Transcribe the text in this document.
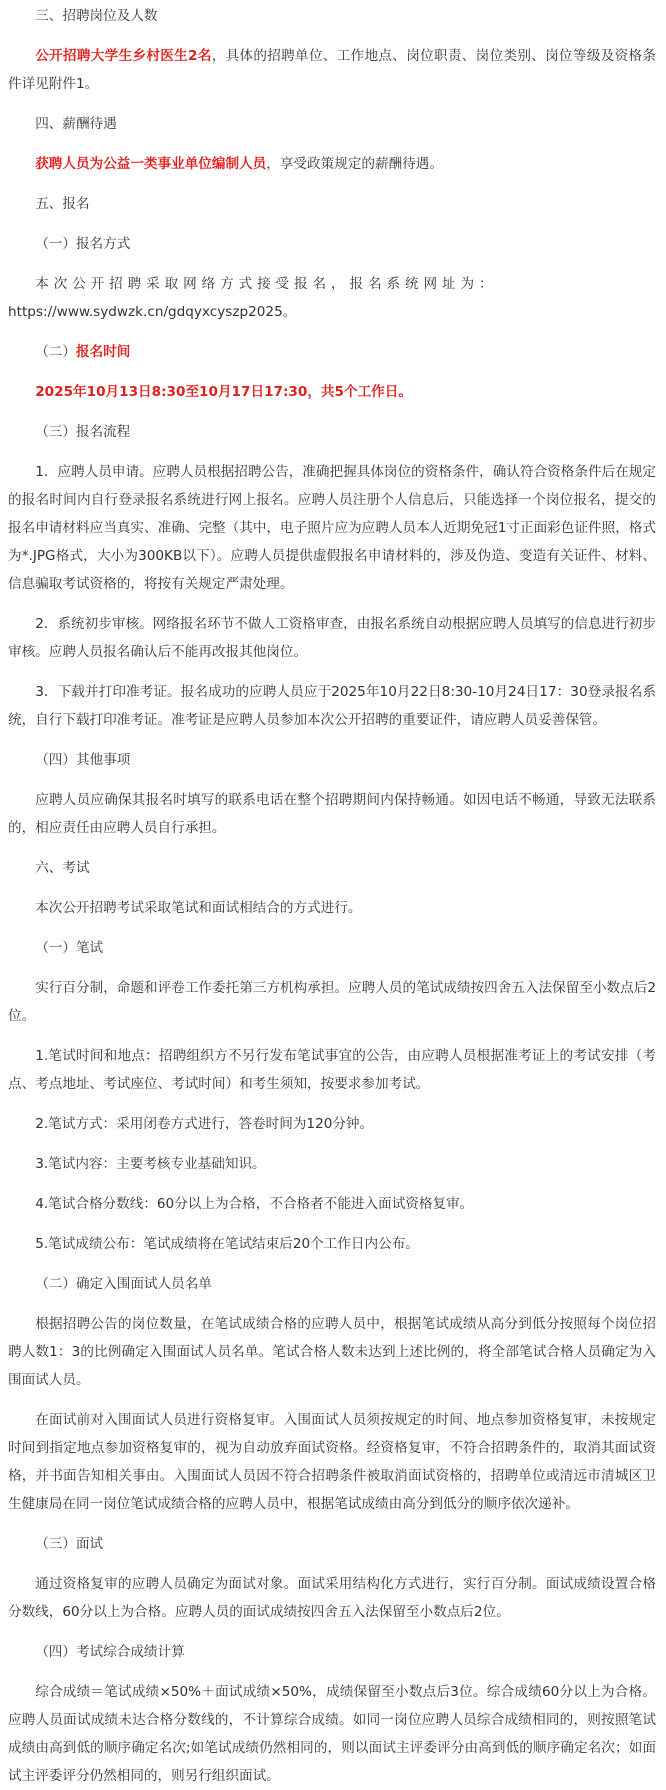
三、招聘岗位及人数

公开招聘大学生乡村医生2名，具体的招聘单位、工作地点、岗位职责、岗位类别、岗位等级及资格条件详见附件1。

四、薪酬待遇

获聘人员为公益一类事业单位编制人员，享受政策规定的薪酬待遇。

五、报名

（一）报名方式

本次公开招聘采取网络方式接受报名，报名系统网址为：

https://www.sydwzk.cn/gdqyxcyszp2025。

（二）报名时间

2025年10月13日8:30至10月17日17:30，共5个工作日。

（三）报名流程

1．应聘人员申请。应聘人员根据招聘公告，准确把握具体岗位的资格条件，确认符合资格条件后在规定的报名时间内自行登录报名系统进行网上报名。应聘人员注册个人信息后，只能选择一个岗位报名，提交的报名申请材料应当真实、准确、完整（其中，电子照片应为应聘人员本人近期免冠1寸正面彩色证件照，格式为*.JPG格式，大小为300KB以下）。应聘人员提供虚假报名申请材料的，涉及伪造、变造有关证件、材料、信息骗取考试资格的，将按有关规定严肃处理。

2．系统初步审核。网络报名环节不做人工资格审查，由报名系统自动根据应聘人员填写的信息进行初步审核。应聘人员报名确认后不能再改报其他岗位。

3．下载并打印准考证。报名成功的应聘人员应于2025年10月22日8:30-10月24日17：30登录报名系统，自行下载打印准考证。准考证是应聘人员参加本次公开招聘的重要证件，请应聘人员妥善保管。

（四）其他事项

应聘人员应确保其报名时填写的联系电话在整个招聘期间内保持畅通。如因电话不畅通，导致无法联系的，相应责任由应聘人员自行承担。

六、考试

本次公开招聘考试采取笔试和面试相结合的方式进行。

（一）笔试

实行百分制，命题和评卷工作委托第三方机构承担。应聘人员的笔试成绩按四舍五入法保留至小数点后2位。

1.笔试时间和地点：招聘组织方不另行发布笔试事宜的公告，由应聘人员根据准考证上的考试安排（考点、考点地址、考试座位、考试时间）和考生须知，按要求参加考试。

2.笔试方式：采用闭卷方式进行，答卷时间为120分钟。

3.笔试内容：主要考核专业基础知识。

4.笔试合格分数线：60分以上为合格，不合格者不能进入面试资格复审。

5.笔试成绩公布：笔试成绩将在笔试结束后20个工作日内公布。

（二）确定入围面试人员名单

根据招聘公告的岗位数量，在笔试成绩合格的应聘人员中，根据笔试成绩从高分到低分按照每个岗位招聘人数1：3的比例确定入围面试人员名单。笔试合格人数未达到上述比例的，将全部笔试合格人员确定为入围面试人员。

在面试前对入围面试人员进行资格复审。入围面试人员须按规定的时间、地点参加资格复审，未按规定时间到指定地点参加资格复审的，视为自动放弃面试资格。经资格复审，不符合招聘条件的，取消其面试资格，并书面告知相关事由。入围面试人员因不符合招聘条件被取消面试资格的，招聘单位或清远市清城区卫生健康局在同一岗位笔试成绩合格的应聘人员中，根据笔试成绩由高分到低分的顺序依次递补。

（三）面试

通过资格复审的应聘人员确定为面试对象。面试采用结构化方式进行，实行百分制。面试成绩设置合格分数线，60分以上为合格。应聘人员的面试成绩按四舍五入法保留至小数点后2位。

（四）考试综合成绩计算

综合成绩＝笔试成绩×50%＋面试成绩×50%，成绩保留至小数点后3位。综合成绩60分以上为合格。应聘人员面试成绩未达合格分数线的，不计算综合成绩。如同一岗位应聘人员综合成绩相同的，则按照笔试成绩由高到低的顺序确定名次;如笔试成绩仍然相同的，则以面试主评委评分由高到低的顺序确定名次；如面试主评委评分仍然相同的，则另行组织面试。
